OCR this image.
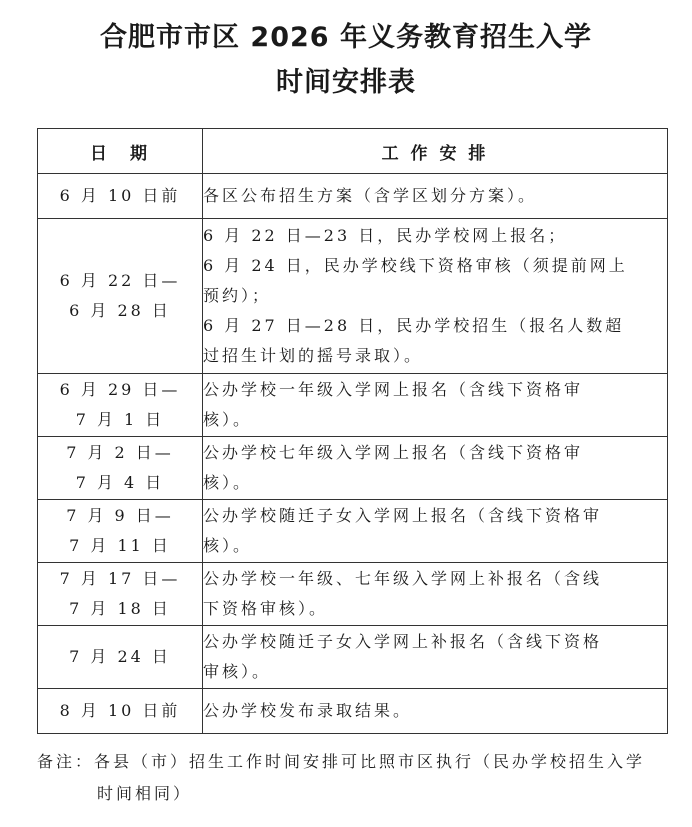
合肥市市区 2026 年义务教育招生入学
时间安排表
日　期	工 作 安 排

6 月 10 日前	各区公布招生方案（含学区划分方案）。

6 月 22 日—
6 月 28 日	6 月 22 日—23 日，民办学校网上报名；
6 月 24 日，民办学校线下资格审核（须提前网上
预约）；
6 月 27 日—28 日，民办学校招生（报名人数超
过招生计划的摇号录取）。

6 月 29 日—
7 月 1 日	公办学校一年级入学网上报名（含线下资格审
核）。

7 月 2 日—
7 月 4 日	公办学校七年级入学网上报名（含线下资格审
核）。

7 月 9 日—
7 月 11 日	公办学校随迁子女入学网上报名（含线下资格审
核）。

7 月 17 日—
7 月 18 日	公办学校一年级、七年级入学网上补报名（含线
下资格审核）。

7 月 24 日	公办学校随迁子女入学网上补报名（含线下资格
审核）。

8 月 10 日前	公办学校发布录取结果。
备注：各县（市）招生工作时间安排可比照市区执行（民办学校招生入学
时间相同）
